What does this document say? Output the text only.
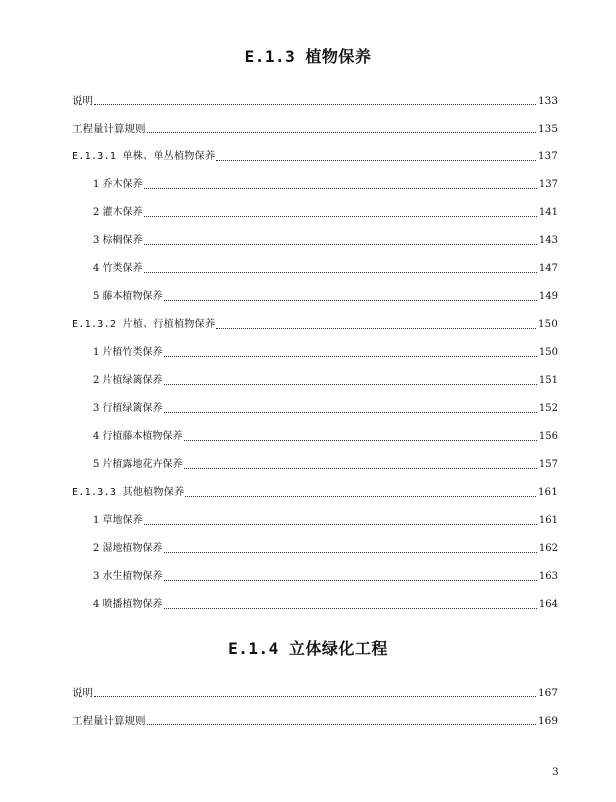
E.1.3 植物保养
说明	133
工程量计算规则	135
E.1.3.1 单株、单丛植物保养	137
1 乔木保养	137
2 灌木保养	141
3 棕榈保养	143
4 竹类保养	147
5 藤本植物保养	149
E.1.3.2 片植、行植植物保养	150
1 片植竹类保养	150
2 片植绿篱保养	151
3 行植绿篱保养	152
4 行植藤本植物保养	156
5 片植露地花卉保养	157
E.1.3.3 其他植物保养	161
1 草地保养	161
2 湿地植物保养	162
3 水生植物保养	163
4 喷播植物保养	164
E.1.4 立体绿化工程
说明	167
工程量计算规则	169
3
